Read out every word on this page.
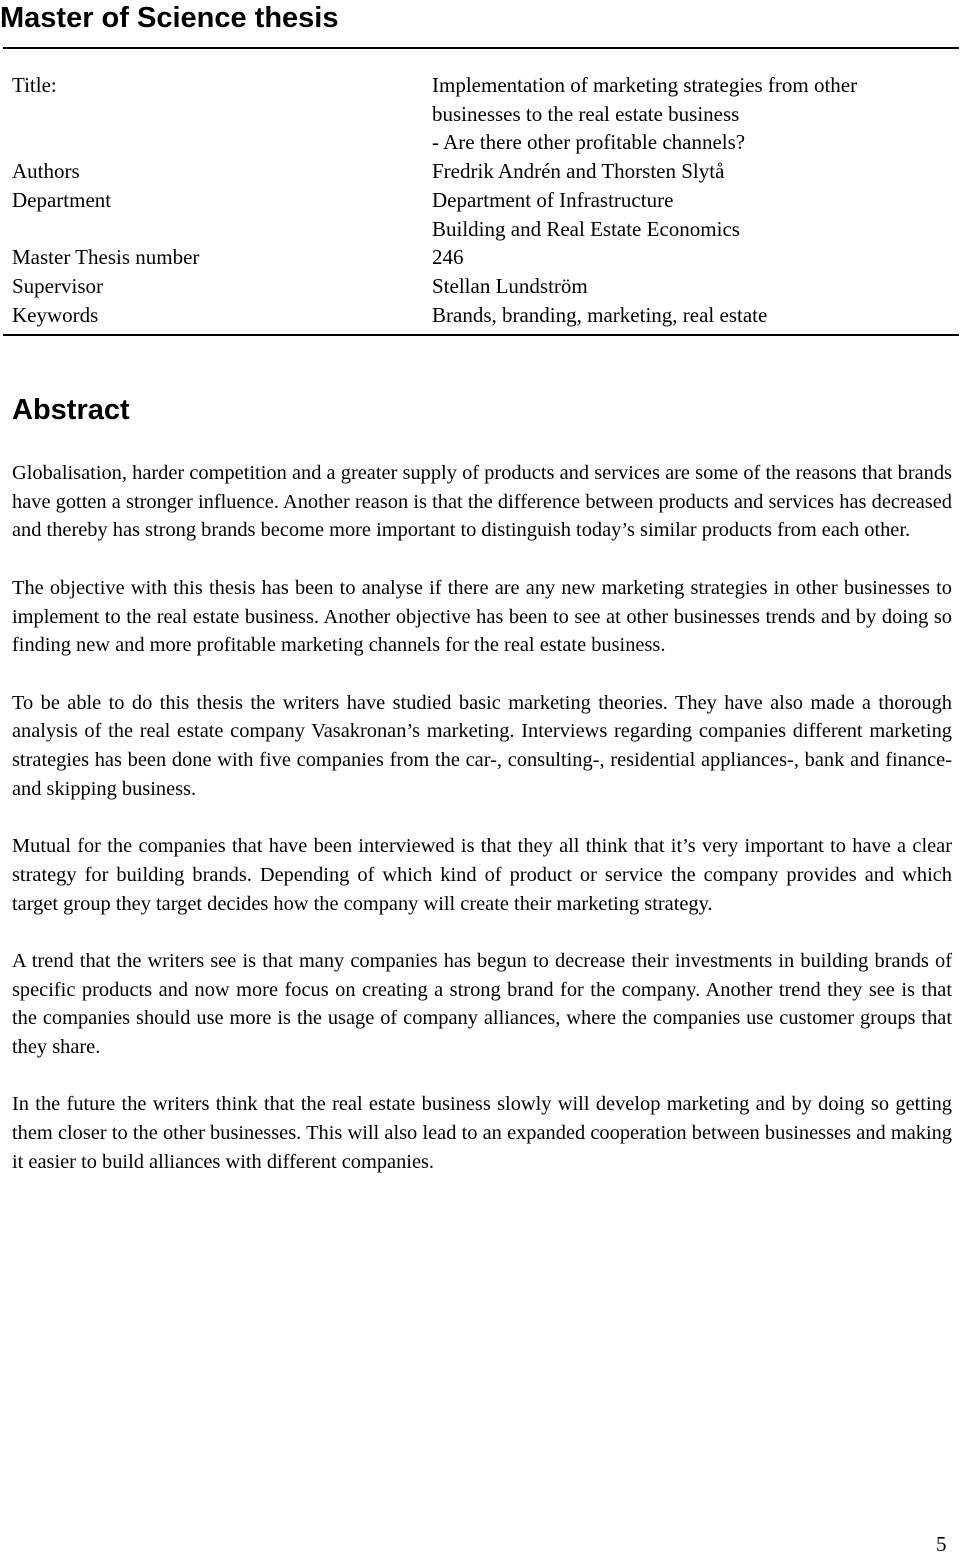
Master of Science thesis
Title:	Implementation of marketing strategies from other
businesses to the real estate business
- Are there other profitable channels?
Authors	Fredrik Andrén and Thorsten Slytå
Department	Department of Infrastructure
Building and Real Estate Economics
Master Thesis number	246
Supervisor	Stellan Lundström
Keywords	Brands, branding, marketing, real estate
Abstract

Globalisation, harder competition and a greater supply of products and services are some of the reasons that brands have gotten a stronger influence. Another reason is that the difference between products and services has decreased and thereby has strong brands become more important to distinguish today’s similar products from each other.

The objective with this thesis has been to analyse if there are any new marketing strategies in other businesses to implement to the real estate business. Another objective has been to see at other businesses trends and by doing so finding new and more profitable marketing channels for the real estate business.

To be able to do this thesis the writers have studied basic marketing theories. They have also made a thorough analysis of the real estate company Vasakronan’s marketing. Interviews regarding companies different marketing strategies has been done with five companies from the car-, consulting-, residential appliances-, bank and finance- and skipping business.

Mutual for the companies that have been interviewed is that they all think that it’s very important to have a clear strategy for building brands. Depending of which kind of product or service the company provides and which target group they target decides how the company will create their marketing strategy.

A trend that the writers see is that many companies has begun to decrease their investments in building brands of specific products and now more focus on creating a strong brand for the company. Another trend they see is that the companies should use more is the usage of company alliances, where the companies use customer groups that they share.

In the future the writers think that the real estate business slowly will develop marketing and by doing so getting them closer to the other businesses. This will also lead to an expanded cooperation between businesses and making it easier to build alliances with different companies.

5
